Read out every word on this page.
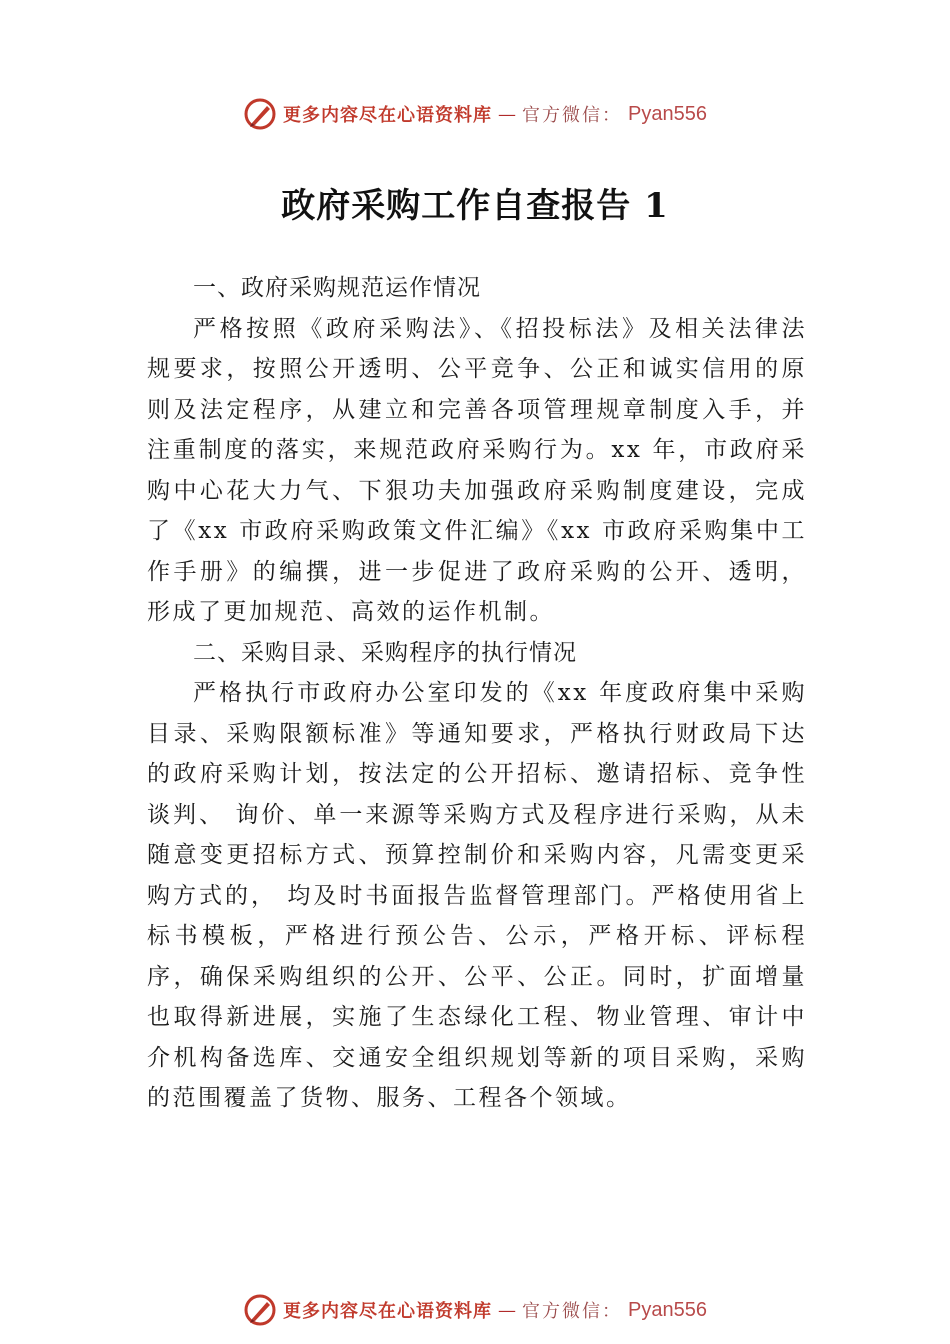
更多内容尽在心语资料库 — 官方微信： Pyan556
政府采购工作自查报告 1

一、政府采购规范运作情况

严格按照《政府采购法》、《招投标法》及相关法律法规要求，按照公开透明、公平竞争、公正和诚实信用的原则及法定程序，从建立和完善各项管理规章制度入手，并注重制度的落实，来规范政府采购行为。xx 年，市政府采购中心花大力气、下狠功夫加强政府采购制度建设，完成了《xx 市政府采购政策文件汇编》《xx 市政府采购集中工作手册》的编撰，进一步促进了政府采购的公开、透明，形成了更加规范、高效的运作机制。

二、采购目录、采购程序的执行情况

严格执行市政府办公室印发的《xx 年度政府集中采购目录、采购限额标准》等通知要求，严格执行财政局下达的政府采购计划，按法定的公开招标、邀请招标、竞争性谈判、 询价、单一来源等采购方式及程序进行采购，从未随意变更招标方式、预算控制价和采购内容，凡需变更采购方式的， 均及时书面报告监督管理部门。严格使用省上标书模板，严格进行预公告、公示，严格开标、评标程序，确保采购组织的公开、公平、公正。同时，扩面增量也取得新进展，实施了生态绿化工程、物业管理、审计中介机构备选库、交通安全组织规划等新的项目采购，采购的范围覆盖了货物、服务、工程各个领域。

更多内容尽在心语资料库 — 官方微信： Pyan556
